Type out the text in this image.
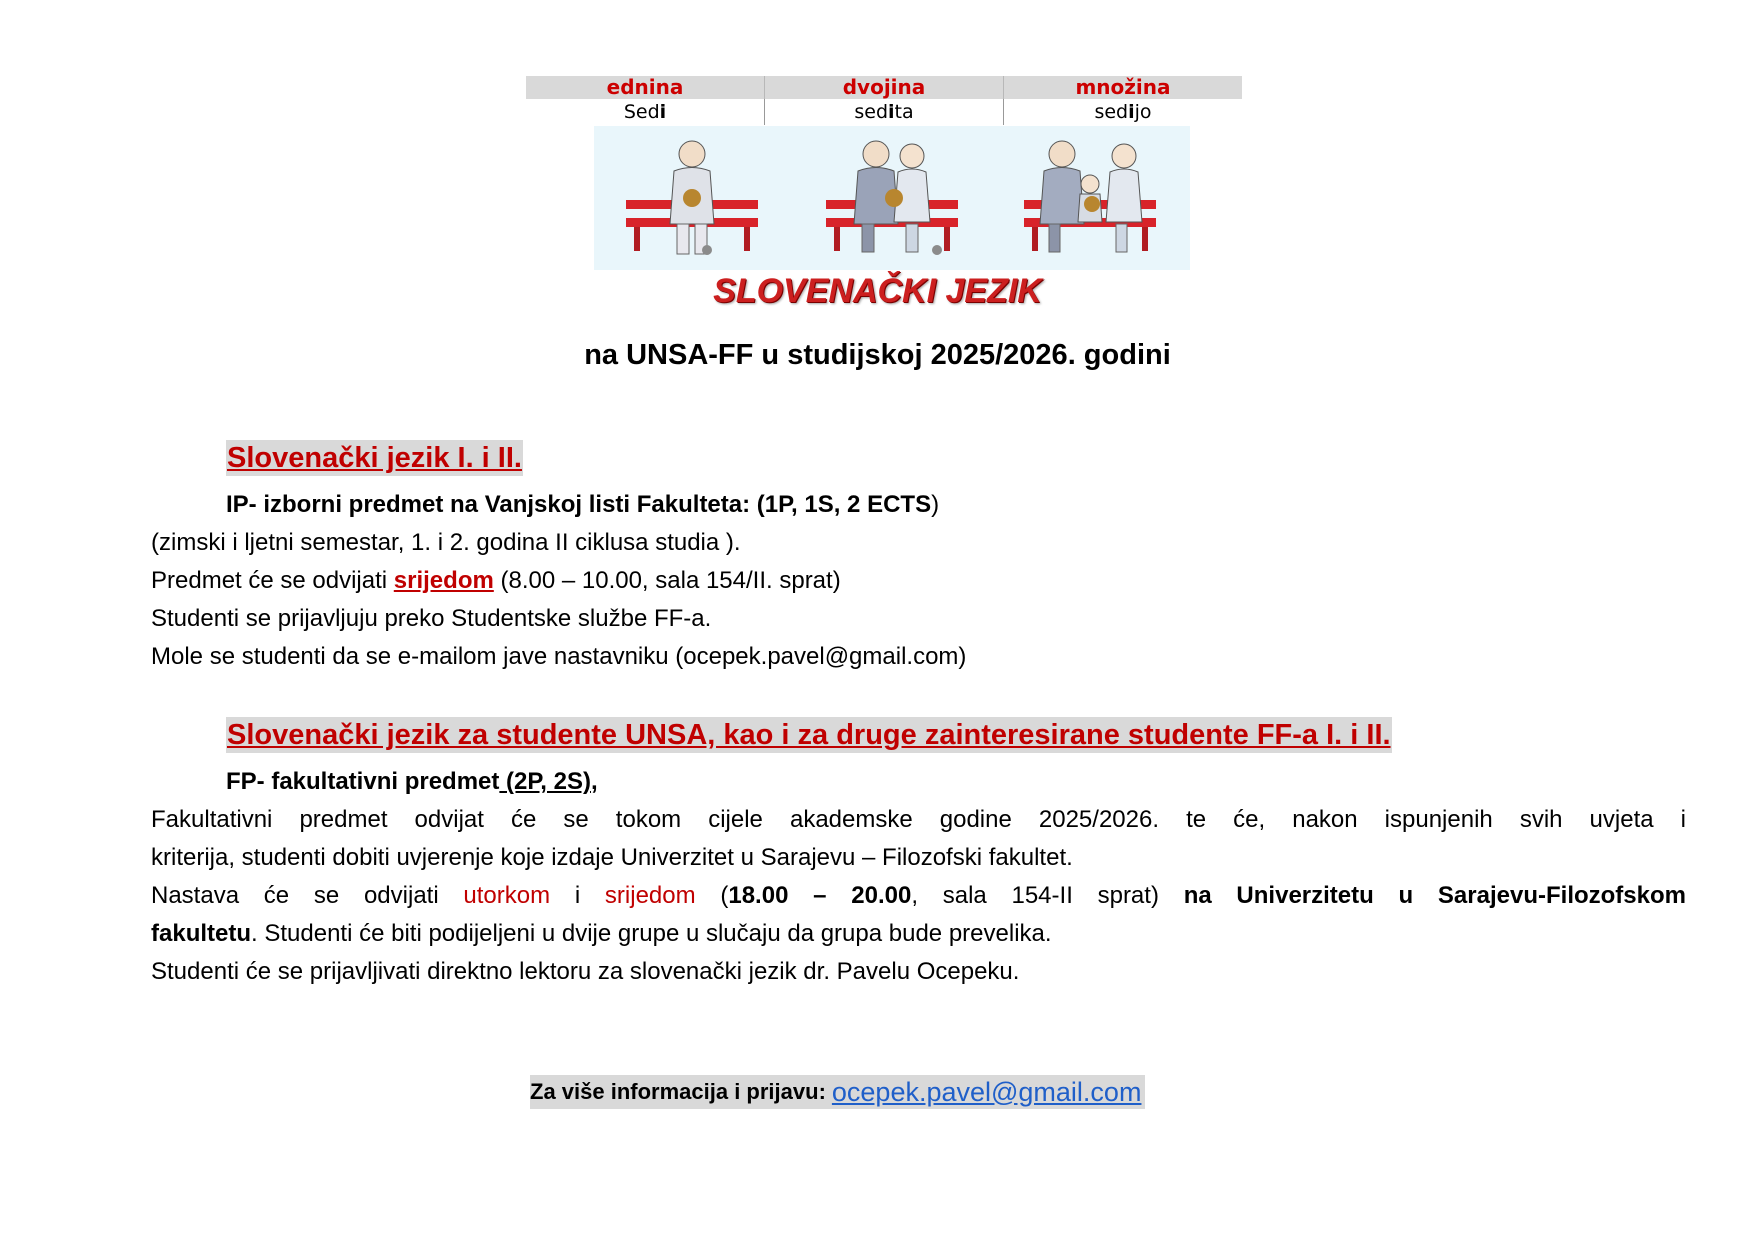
ednina	dvojina	množina
Sedi	sedita	sedijo
SLOVENAČKI JEZIK
na UNSA-FF u studijskoj 2025/2026. godini
Slovenački jezik I. i II.
IP- izborni predmet na Vanjskoj listi Fakulteta: (1P, 1S, 2 ECTS)
(zimski i ljetni semestar, 1. i 2. godina II ciklusa studia ).
Predmet će se odvijati srijedom (8.00 – 10.00, sala 154/II. sprat)
Studenti se prijavljuju preko Studentske službe FF-a.
Mole se studenti da se e-mailom jave nastavniku (ocepek.pavel@gmail.com)
Slovenački jezik za studente UNSA, kao i za druge zainteresirane studente FF-a I. i II.
FP- fakultativni predmet (2P, 2S),
Fakultativni predmet odvijat će se tokom cijele akademske godine 2025/2026. te će, nakon ispunjenih svih uvjeta i
kriterija, studenti dobiti uvjerenje koje izdaje Univerzitet u Sarajevu – Filozofski fakultet.
Nastava će se odvijati utorkom i srijedom (18.00 – 20.00, sala 154-II sprat) na Univerzitetu u Sarajevu-Filozofskom
fakultetu. Studenti će biti podijeljeni u dvije grupe u slučaju da grupa bude prevelika.
Studenti će se prijavljivati direktno lektoru za slovenački jezik dr. Pavelu Ocepeku.
Za više informacija i prijavu : ocepek.pavel@gmail.com
